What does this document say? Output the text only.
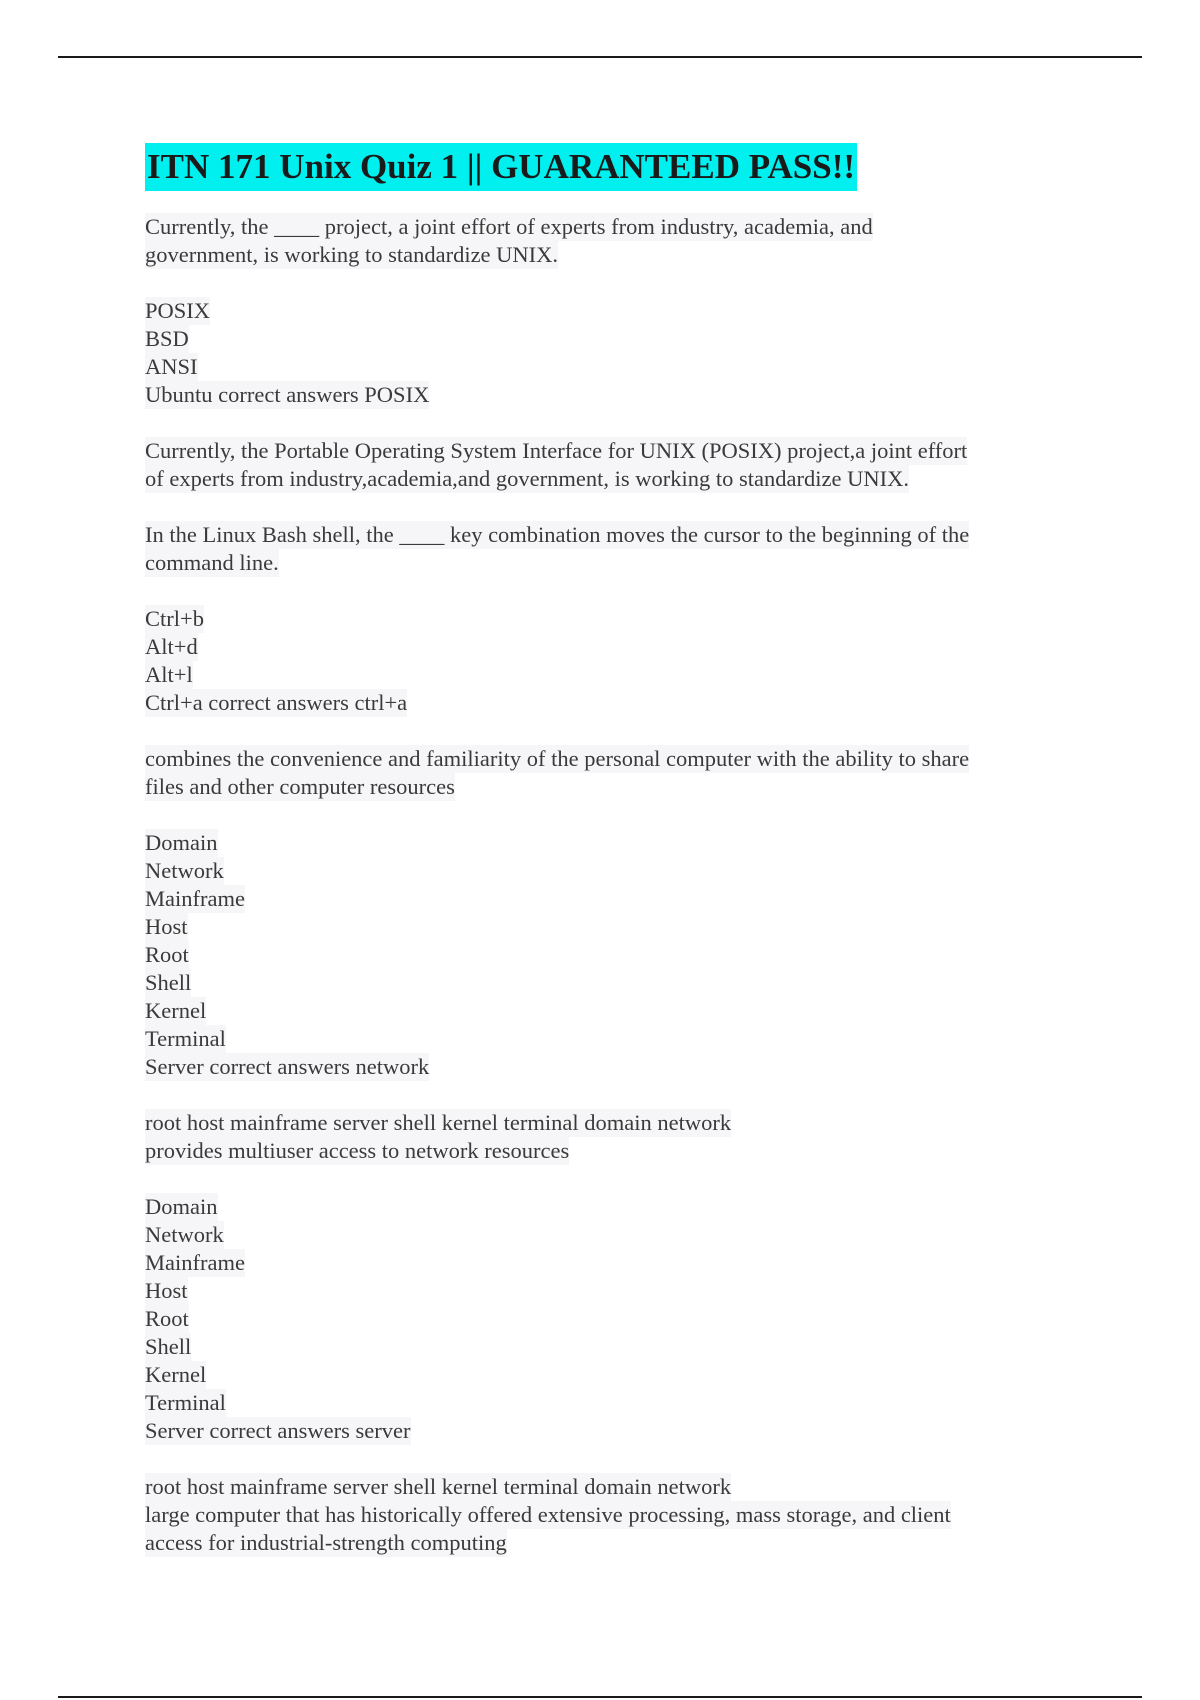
ITN 171 Unix Quiz 1 || GUARANTEED PASS!!
Currently, the ____ project, a joint effort of experts from industry, academia, and
government, is working to standardize UNIX.
POSIX
BSD
ANSI
Ubuntu correct answers POSIX
Currently, the Portable Operating System Interface for UNIX (POSIX) project,a joint effort
of experts from industry,academia,and government, is working to standardize UNIX.
In the Linux Bash shell, the ____ key combination moves the cursor to the beginning of the
command line.
Ctrl+b
Alt+d
Alt+l
Ctrl+a correct answers ctrl+a
combines the convenience and familiarity of the personal computer with the ability to share
files and other computer resources
Domain
Network
Mainframe
Host
Root
Shell
Kernel
Terminal
Server correct answers network
root host mainframe server shell kernel terminal domain network
provides multiuser access to network resources
Domain
Network
Mainframe
Host
Root
Shell
Kernel
Terminal
Server correct answers server
root host mainframe server shell kernel terminal domain network
large computer that has historically offered extensive processing, mass storage, and client
access for industrial-strength computing
